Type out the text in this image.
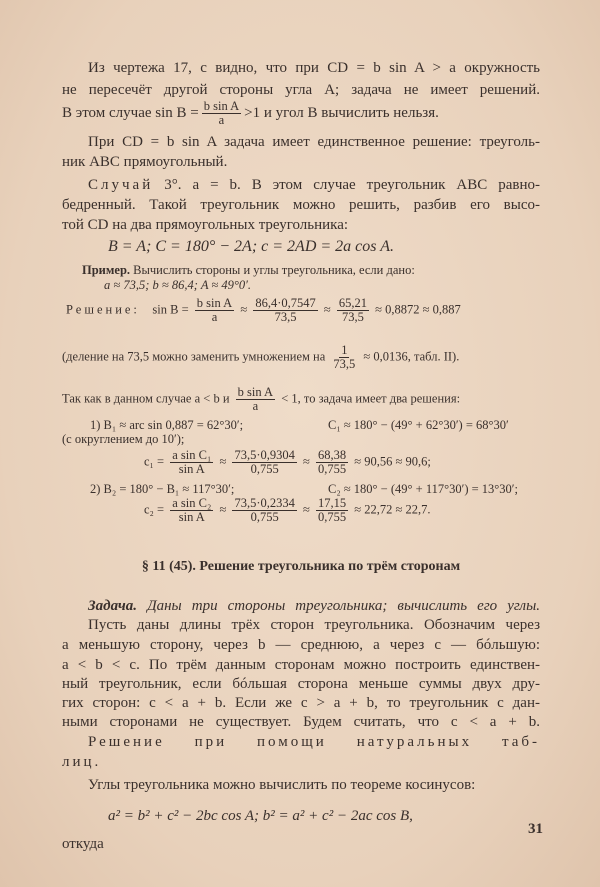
Из чертежа 17, c видно, что при CD = b sin A > a окружность
не пересечёт другой стороны угла A; задача не имеет решений.
В этом случае $\sin B = \frac{\text{b sin A}}{a} >1$ и угол B вычислить нельзя.
При CD = b sin A задача имеет единственное решение: треуголь-
ник ABC прямоугольный.
Случай 3°. a = b. В этом случае треугольник ABC равно-
бедренный. Такой треугольник можно решить, разбив его высо-
той CD на два прямоугольных треугольника:
B = A; C = 180° − 2A; c = 2AD = 2a cos A.
Пример. Вычислить стороны и углы треугольника, если дано:
a ≈ 73,5; b ≈ 86,4; A ≈ 49°0′.
Решение: $\sin B = \frac{\text{b sin A}}{a} \approx \frac{86,4\cdot 0,7547}{73,5} \approx \frac{65,21}{73,5} \approx 0,8872 \approx 0,887$
(деление на 73,5 можно заменить умножением на $\frac{1}{73,5} \approx 0,0136$, табл. II).
Так как в данном случае a < b и $\frac{\text{b sin A}}{a} < 1$, то задача имеет два решения:
1) B₁ ≈ arc sin 0,887 = 62°30′;	C₁ ≈ 180° − (49° + 62°30′) = 68°30′
(с округлением до 10′);
$c_1 = \frac{\text{a sin C₁}}{\text{sin A}} \approx \frac{73,5\cdot 0,9304}{0,755} \approx \frac{68,38}{0,755} \approx 90,56 \approx 90,6$;
2) B₂ = 180° − B₁ ≈ 117°30′;	C₂ ≈ 180° − (49° + 117°30′) = 13°30′;
$c_2 = \frac{\text{a sin C₂}}{\text{sin A}} \approx \frac{73,5\cdot 0,2334}{0,755} \approx \frac{17,15}{0,755} \approx 22,72 \approx 22,7$.
§ 11 (45). Решение треугольника по трём сторонам
Задача. Даны три стороны треугольника; вычислить его углы.
Пусть даны длины трёх сторон треугольника. Обозначим через
a меньшую сторону, через b — среднюю, а через c — бóльшую:
a < b < c. По трём данным сторонам можно построить единствен-
ный треугольник, если бóльшая сторона меньше суммы двух дру-
гих сторон: c < a + b. Если же c > a + b, то треугольник с дан-
ными сторонами не существует. Будем считать, что c < a + b.
Решение при помощи натуральных таб-
лиц.
Углы треугольника можно вычислить по теореме косинусов:
a² = b² + c² − 2bc cos A; b² = a² + c² − 2ac cos B,
откуда
31
